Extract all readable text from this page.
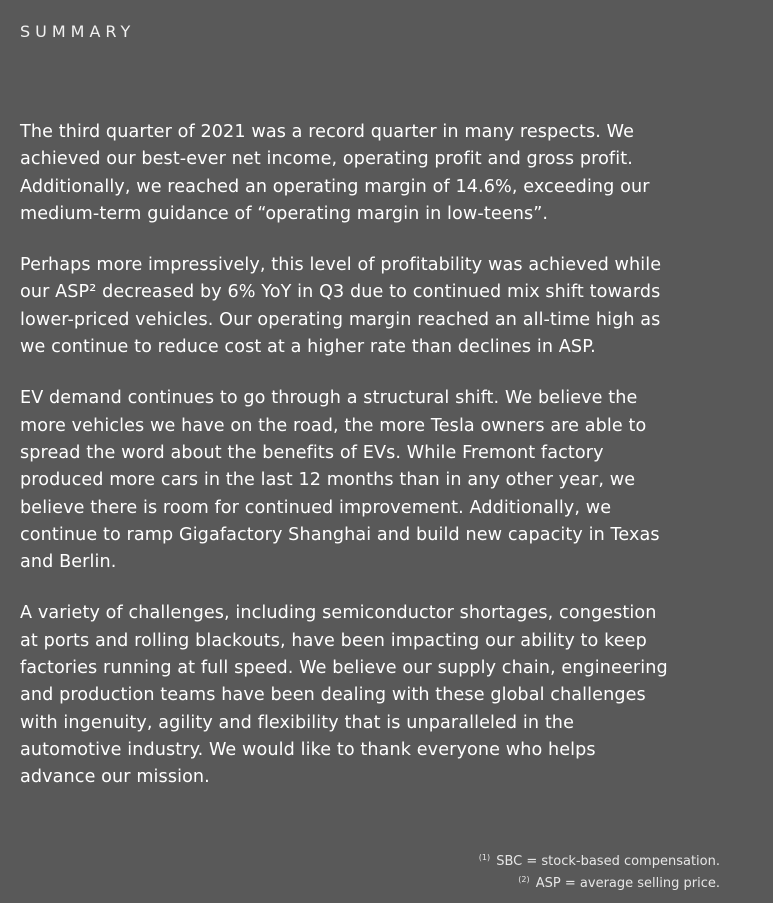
SUMMARY

The third quarter of 2021 was a record quarter in many respects. We
achieved our best-ever net income, operating profit and gross profit.
Additionally, we reached an operating margin of 14.6%, exceeding our
medium-term guidance of “operating margin in low-teens”.

Perhaps more impressively, this level of profitability was achieved while
our ASP² decreased by 6% YoY in Q3 due to continued mix shift towards
lower-priced vehicles. Our operating margin reached an all-time high as
we continue to reduce cost at a higher rate than declines in ASP.

EV demand continues to go through a structural shift. We believe the
more vehicles we have on the road, the more Tesla owners are able to
spread the word about the benefits of EVs. While Fremont factory
produced more cars in the last 12 months than in any other year, we
believe there is room for continued improvement. Additionally, we
continue to ramp Gigafactory Shanghai and build new capacity in Texas
and Berlin.

A variety of challenges, including semiconductor shortages, congestion
at ports and rolling blackouts, have been impacting our ability to keep
factories running at full speed. We believe our supply chain, engineering
and production teams have been dealing with these global challenges
with ingenuity, agility and flexibility that is unparalleled in the
automotive industry. We would like to thank everyone who helps
advance our mission.

$^{(1)}$ SBC = stock-based compensation.
$^{(2)}$ ASP = average selling price.
